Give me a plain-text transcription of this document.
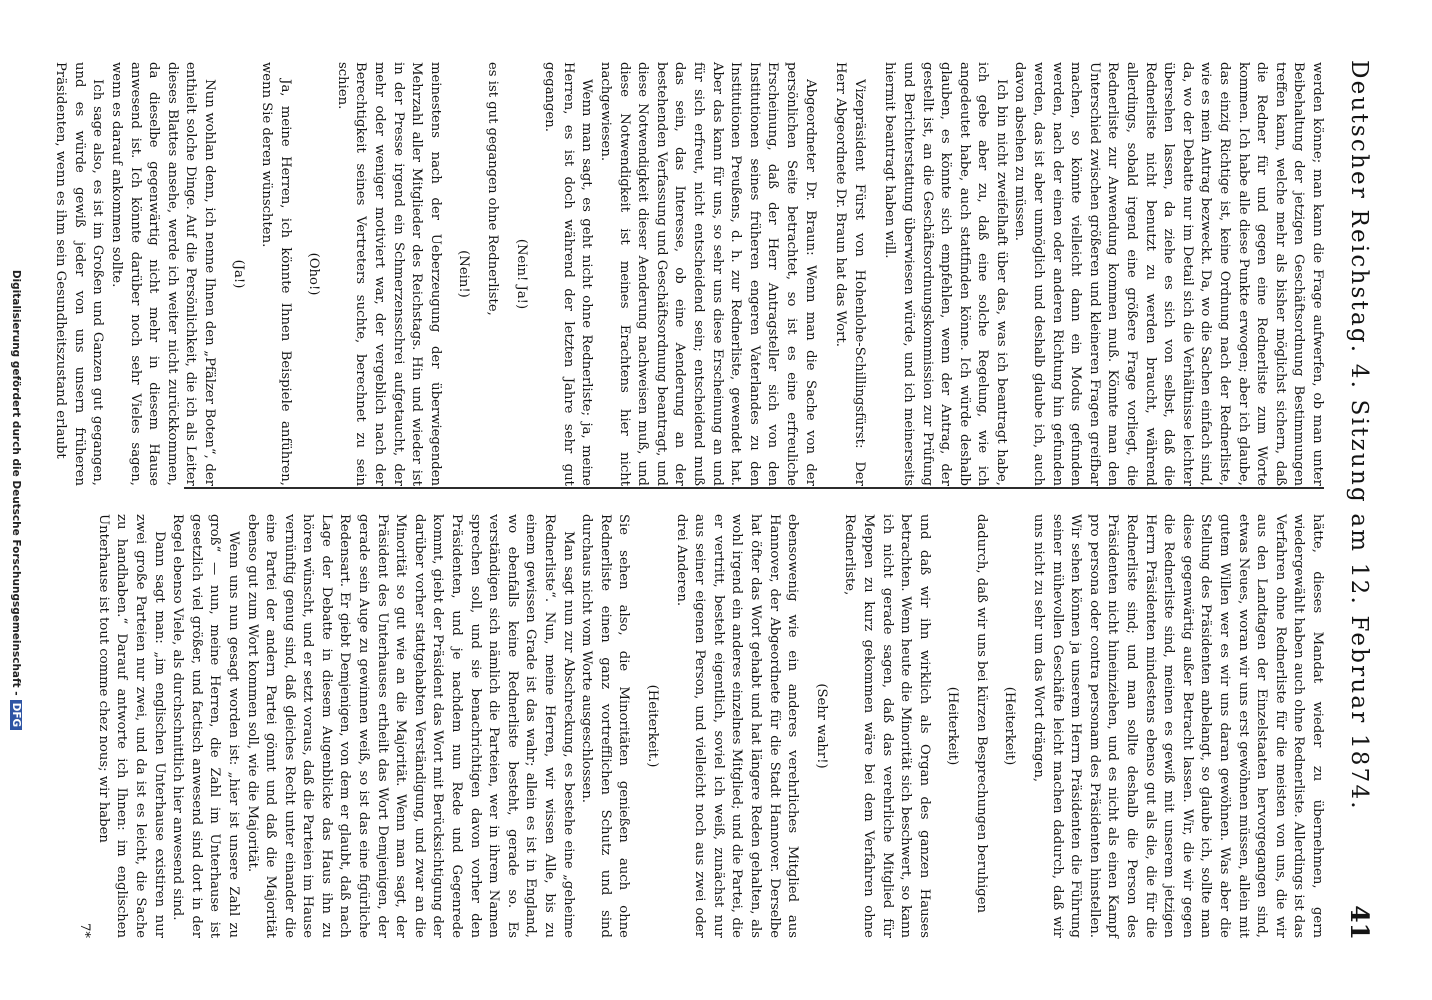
Deutscher Reichstag. 4. Sitzung am 12. Februar 1874.
41

werden könne; man kann die Frage aufwerfen, ob man unter Beibehaltung der jetzigen Geschäftsordnung Bestimmungen treffen kann, welche mehr als bisher möglichst sichern, daß die Redner für und gegen eine Rednerliste zum Worte kommen. Ich habe alle diese Punkte erwogen; aber ich glaube, das einzig Richtige ist, keine Ordnung nach der Rednerliste, wie es mein Antrag bezweckt. Da, wo die Sachen einfach sind, da, wo der Debatte nur im Detail sich die Verhältnisse leichter übersehen lassen, da ziehe es sich von selbst, daß die Rednerliste nicht benutzt zu werden braucht, während allerdings, sobald irgend eine größere Frage vorliegt, die Rednerliste zur Anwendung kommen muß. Könnte man den Unterschied zwischen größeren und kleineren Fragen greifbar machen, so könnte vielleicht dann ein Modus gefunden werden, nach der einen oder anderen Richtung hin gefunden werden, das ist aber unmöglich und deshalb glaube ich, auch davon absehen zu müssen.

Ich bin nicht zweifelhaft über das, was ich beantragt habe, ich gebe aber zu, daß eine solche Regelung, wie ich angedeutet habe, auch stattfinden könne. Ich würde deshalb glauben, es könnte sich empfehlen, wenn der Antrag, der gestellt ist, an die Geschäftsordnungskommission zur Prüfung und Berichterstattung überwiesen würde, und ich meinerseits hiermit beantragt haben will.

Vizepräsident Fürst von Hohenlohe-Schillingsfürst: Der Herr Abgeordnete Dr. Braun hat das Wort.

Abgeordneter Dr. Braun: Wenn man die Sache von der persönlichen Seite betrachtet, so ist es eine erfreuliche Erscheinung, daß der Herr Antragsteller sich von den Institutionen seines früheren engeren Vaterlandes zu den Institutionen Preußens, d. h. zur Rednerliste, gewendet hat. Aber das kann für uns, so sehr uns diese Erscheinung an und für sich erfreut, nicht entscheidend sein; entscheidend muß das sein, das Interesse, ob eine Aenderung an der bestehenden Verfassung und Geschäftsordnung beantragt, und diese Notwendigkeit dieser Aenderung nachweisen muß, und diese Notwendigkeit ist meines Erachtens hier nicht nachgewiesen.

Wenn man sagt, es geht nicht ohne Rednerliste; ja, meine Herren, es ist doch während der letzten Jahre sehr gut gegangen.

(Nein! Ja!)

es ist gut gegangen ohne Rednerliste,

(Nein!)

meinestens nach der Ueberzeugung der überwiegenden Mehrzahl aller Mitglieder des Reichstags. Hin und wieder ist in der Presse irgend ein Schmerzensschrei aufgetaucht, der mehr oder weniger motiviert war, der vergeblich nach der Berechtigkeit seines Vertreters suchte, berechnet zu sein schien.

(Oho!)

Ja, meine Herren, ich könnte Ihnen Beispiele anführen, wenn Sie deren wünschten.

(Ja!)

Nun wohlan denn, ich nenne Ihnen den „Pfälzer Boten“, der enthielt solche Dinge. Auf die Persönlichkeit, die ich als Leiter dieses Blattes ansehe, werde ich weiter nicht zurückkommen, da dieselbe gegenwärtig nicht mehr in diesem Hause anwesend ist. Ich könnte darüber noch sehr Vieles sagen, wenn es darauf ankommen sollte.

Ich sage also, es ist im Großen und Ganzen gut gegangen, und es würde gewiß jeder von uns unsern früheren Präsidenten, wenn es ihm sein Gesundheitszustand erlaubt

hätte, dieses Mandat wieder zu übernehmen, gern wiedergewählt haben auch ohne Rednerliste. Allerdings ist das Verfahren ohne Rednerliste für die meisten von uns, die wir aus den Landtagen der Einzelstaaten hervorgegangen sind, etwas Neues, woran wir uns erst gewöhnen müssen, allein mit gutem Willen wer es wir uns daran gewöhnen. Was aber die Stellung des Präsidenten anbelangt, so glaube ich, sollte man diese gegenwärtig außer Betracht lassen. Wir, die wir gegen die Rednerliste sind, meinen es gewiß mit unserem jetzigen Herrn Präsidenten mindestens ebenso gut als die, die für die Rednerliste sind; und man sollte deshalb die Person des Präsidenten nicht hineinziehen, und es nicht als einen Kampf pro persona oder contra personam des Präsidenten hinstellen. Wir sehen können ja unserem Herrn Präsidenten die Führung seiner mühevollen Geschäfte leicht machen dadurch, daß wir uns nicht zu sehr um das Wort drängen,

(Heiterkeit)

dadurch, daß wir uns bei kürzen Besprechungen beruhigen

(Heiterkeit)

und daß wir ihn wirklich als Organ des ganzen Hauses betrachten. Wenn heute die Minorität sich beschwert, so kann ich nicht gerade sagen, daß das verehrliche Mitglied für Meppen zu kurz gekommen wäre bei dem Verfahren ohne Rednerliste,

(Sehr wahr!)

ebensowenig wie ein anderes verehrliches Mitglied aus Hannover, der Abgeordnete für die Stadt Hannover. Derselbe hat öfter das Wort gehabt und hat längere Reden gehalten, als wohl irgend ein anderes einzelnes Mitglied; und die Partei, die er vertritt, besteht eigentlich, soviel ich weiß, zunächst nur aus seiner eigenen Person, und vielleicht noch aus zwei oder drei Anderen.

(Heiterkeit.)

Sie sehen also, die Minoritäten genießen auch ohne Rednerliste einen ganz vortrefflichen Schutz und sind durchaus nicht vom Worte ausgeschlossen.

Man sagt nun zur Abschreckung, es bestehe eine „geheime Rednerliste“. Nun, meine Herren, wir wissen Alle, bis zu einem gewissen Grade ist das wahr; allein es ist in England, wo ebenfalls keine Rednerliste besteht, gerade so. Es verständigen sich nämlich die Parteien, wer in ihrem Namen sprechen soll, und sie benachrichtigen davon vorher den Präsidenten, und je nachdem nun Rede und Gegenrede kommt, giebt der Präsident das Wort mit Berücksichtigung der darüber vorher stattgehabten Verständigung, und zwar an die Minorität so gut wie an die Majorität. Wenn man sagt, der Präsident des Unterhauses ertheilt das Wort Demjenigen, der gerade sein Auge zu gewinnen weiß, so ist das eine figürliche Redensart. Er giebt Demjenigen, von dem er glaubt, daß nach Lage der Debatte in diesem Augenblicke das Haus ihn zu hören wünscht, und er setzt voraus, daß die Parteien im Hause vernünftig genug sind, daß gleiches Recht unter einander die eine Partei der andern Partei gönnt und daß die Majorität ebenso gut zum Wort kommen soll, wie die Majorität.

Wenn uns nun gesagt worden ist: „hier ist unsere Zahl zu groß“ — nun, meine Herren, die Zahl im Unterhause ist gesetzlich viel größer, und factisch anwesend sind dort in der Regel ebenso Viele, als durchschnittlich hier anwesend sind.

Dann sagt man: „im englischen Unterhause existiren nur zwei große Parteien nur zwei, und da ist es leicht, die Sache zu handhaben.“ Darauf antworte ich Ihnen: im englischen Unterhause ist tout comme chez nous; wir haben

7*
Digitalisierung gefördert durch die Deutsche Forschungsgemeinschaft -DFG
